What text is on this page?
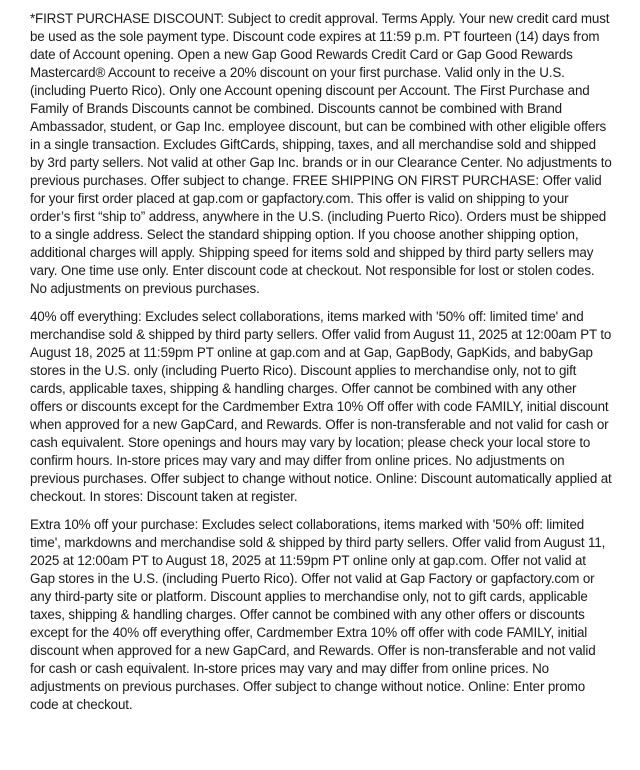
*FIRST PURCHASE DISCOUNT: Subject to credit approval. Terms Apply. Your new credit card must be used as the sole payment type. Discount code expires at 11:59 p.m. PT fourteen (14) days from date of Account opening. Open a new Gap Good Rewards Credit Card or Gap Good Rewards Mastercard® Account to receive a 20% discount on your first purchase. Valid only in the U.S. (including Puerto Rico). Only one Account opening discount per Account. The First Purchase and Family of Brands Discounts cannot be combined. Discounts cannot be combined with Brand Ambassador, student, or Gap Inc. employee discount, but can be combined with other eligible offers in a single transaction. Excludes GiftCards, shipping, taxes, and all merchandise sold and shipped by 3rd party sellers. Not valid at other Gap Inc. brands or in our Clearance Center. No adjustments to previous purchases. Offer subject to change. FREE SHIPPING ON FIRST PURCHASE: Offer valid for your first order placed at gap.com or gapfactory.com. This offer is valid on shipping to your order’s first “ship to” address, anywhere in the U.S. (including Puerto Rico). Orders must be shipped to a single address. Select the standard shipping option. If you choose another shipping option, additional charges will apply. Shipping speed for items sold and shipped by third party sellers may vary. One time use only. Enter discount code at checkout. Not responsible for lost or stolen codes. No adjustments on previous purchases.

40% off everything: Excludes select collaborations, items marked with '50% off: limited time' and merchandise sold & shipped by third party sellers. Offer valid from August 11, 2025 at 12:00am PT to August 18, 2025 at 11:59pm PT online at gap.com and at Gap, GapBody, GapKids, and babyGap stores in the U.S. only (including Puerto Rico). Discount applies to merchandise only, not to gift cards, applicable taxes, shipping & handling charges. Offer cannot be combined with any other offers or discounts except for the Cardmember Extra 10% Off offer with code FAMILY, initial discount when approved for a new GapCard, and Rewards. Offer is non-transferable and not valid for cash or cash equivalent. Store openings and hours may vary by location; please check your local store to confirm hours. In-store prices may vary and may differ from online prices. No adjustments on previous purchases. Offer subject to change without notice. Online: Discount automatically applied at checkout. In stores: Discount taken at register.

Extra 10% off your purchase: Excludes select collaborations, items marked with '50% off: limited time', markdowns and merchandise sold & shipped by third party sellers. Offer valid from August 11, 2025 at 12:00am PT to August 18, 2025 at 11:59pm PT online only at gap.com. Offer not valid at Gap stores in the U.S. (including Puerto Rico). Offer not valid at Gap Factory or gapfactory.com or any third-party site or platform. Discount applies to merchandise only, not to gift cards, applicable taxes, shipping & handling charges. Offer cannot be combined with any other offers or discounts except for the 40% off everything offer, Cardmember Extra 10% off offer with code FAMILY, initial discount when approved for a new GapCard, and Rewards. Offer is non-transferable and not valid for cash or cash equivalent. In-store prices may vary and may differ from online prices. No adjustments on previous purchases. Offer subject to change without notice. Online: Enter promo code at checkout.
